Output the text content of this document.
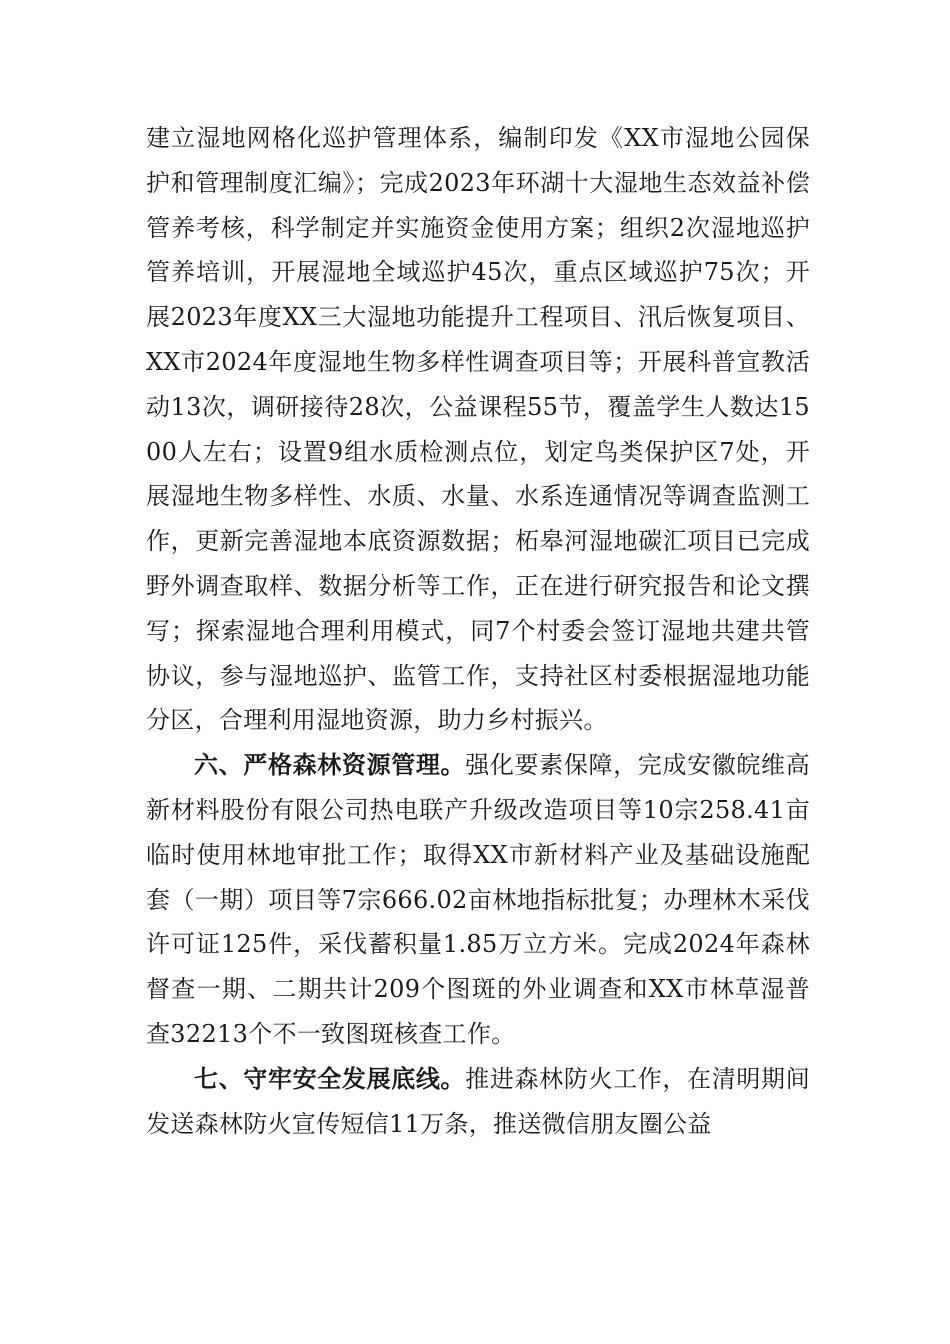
建立湿地网格化巡护管理体系，编制印发《XX市湿地公园保护和管理制度汇编》；完成2023年环湖十大湿地生态效益补偿管养考核，科学制定并实施资金使用方案；组织2次湿地巡护管养培训，开展湿地全域巡护45次，重点区域巡护75次；开展2023年度XX三大湿地功能提升工程项目、汛后恢复项目、XX市2024年度湿地生物多样性调查项目等；开展科普宣教活动13次，调研接待28次，公益课程55节，覆盖学生人数达1500人左右；设置9组水质检测点位，划定鸟类保护区7处，开展湿地生物多样性、水质、水量、水系连通情况等调查监测工作，更新完善湿地本底资源数据；柘皋河湿地碳汇项目已完成野外调查取样、数据分析等工作，正在进行研究报告和论文撰写；探索湿地合理利用模式，同7个村委会签订湿地共建共管协议，参与湿地巡护、监管工作，支持社区村委根据湿地功能分区，合理利用湿地资源，助力乡村振兴。

六、严格森林资源管理。强化要素保障，完成安徽皖维高新材料股份有限公司热电联产升级改造项目等10宗258.41亩临时使用林地审批工作；取得XX市新材料产业及基础设施配套（一期）项目等7宗666.02亩林地指标批复；办理林木采伐许可证125件，采伐蓄积量1.85万立方米。完成2024年森林督查一期、二期共计209个图斑的外业调查和XX市林草湿普查32213个不一致图斑核查工作。

七、守牢安全发展底线。推进森林防火工作，在清明期间发送森林防火宣传短信11万条，推送微信朋友圈公益
